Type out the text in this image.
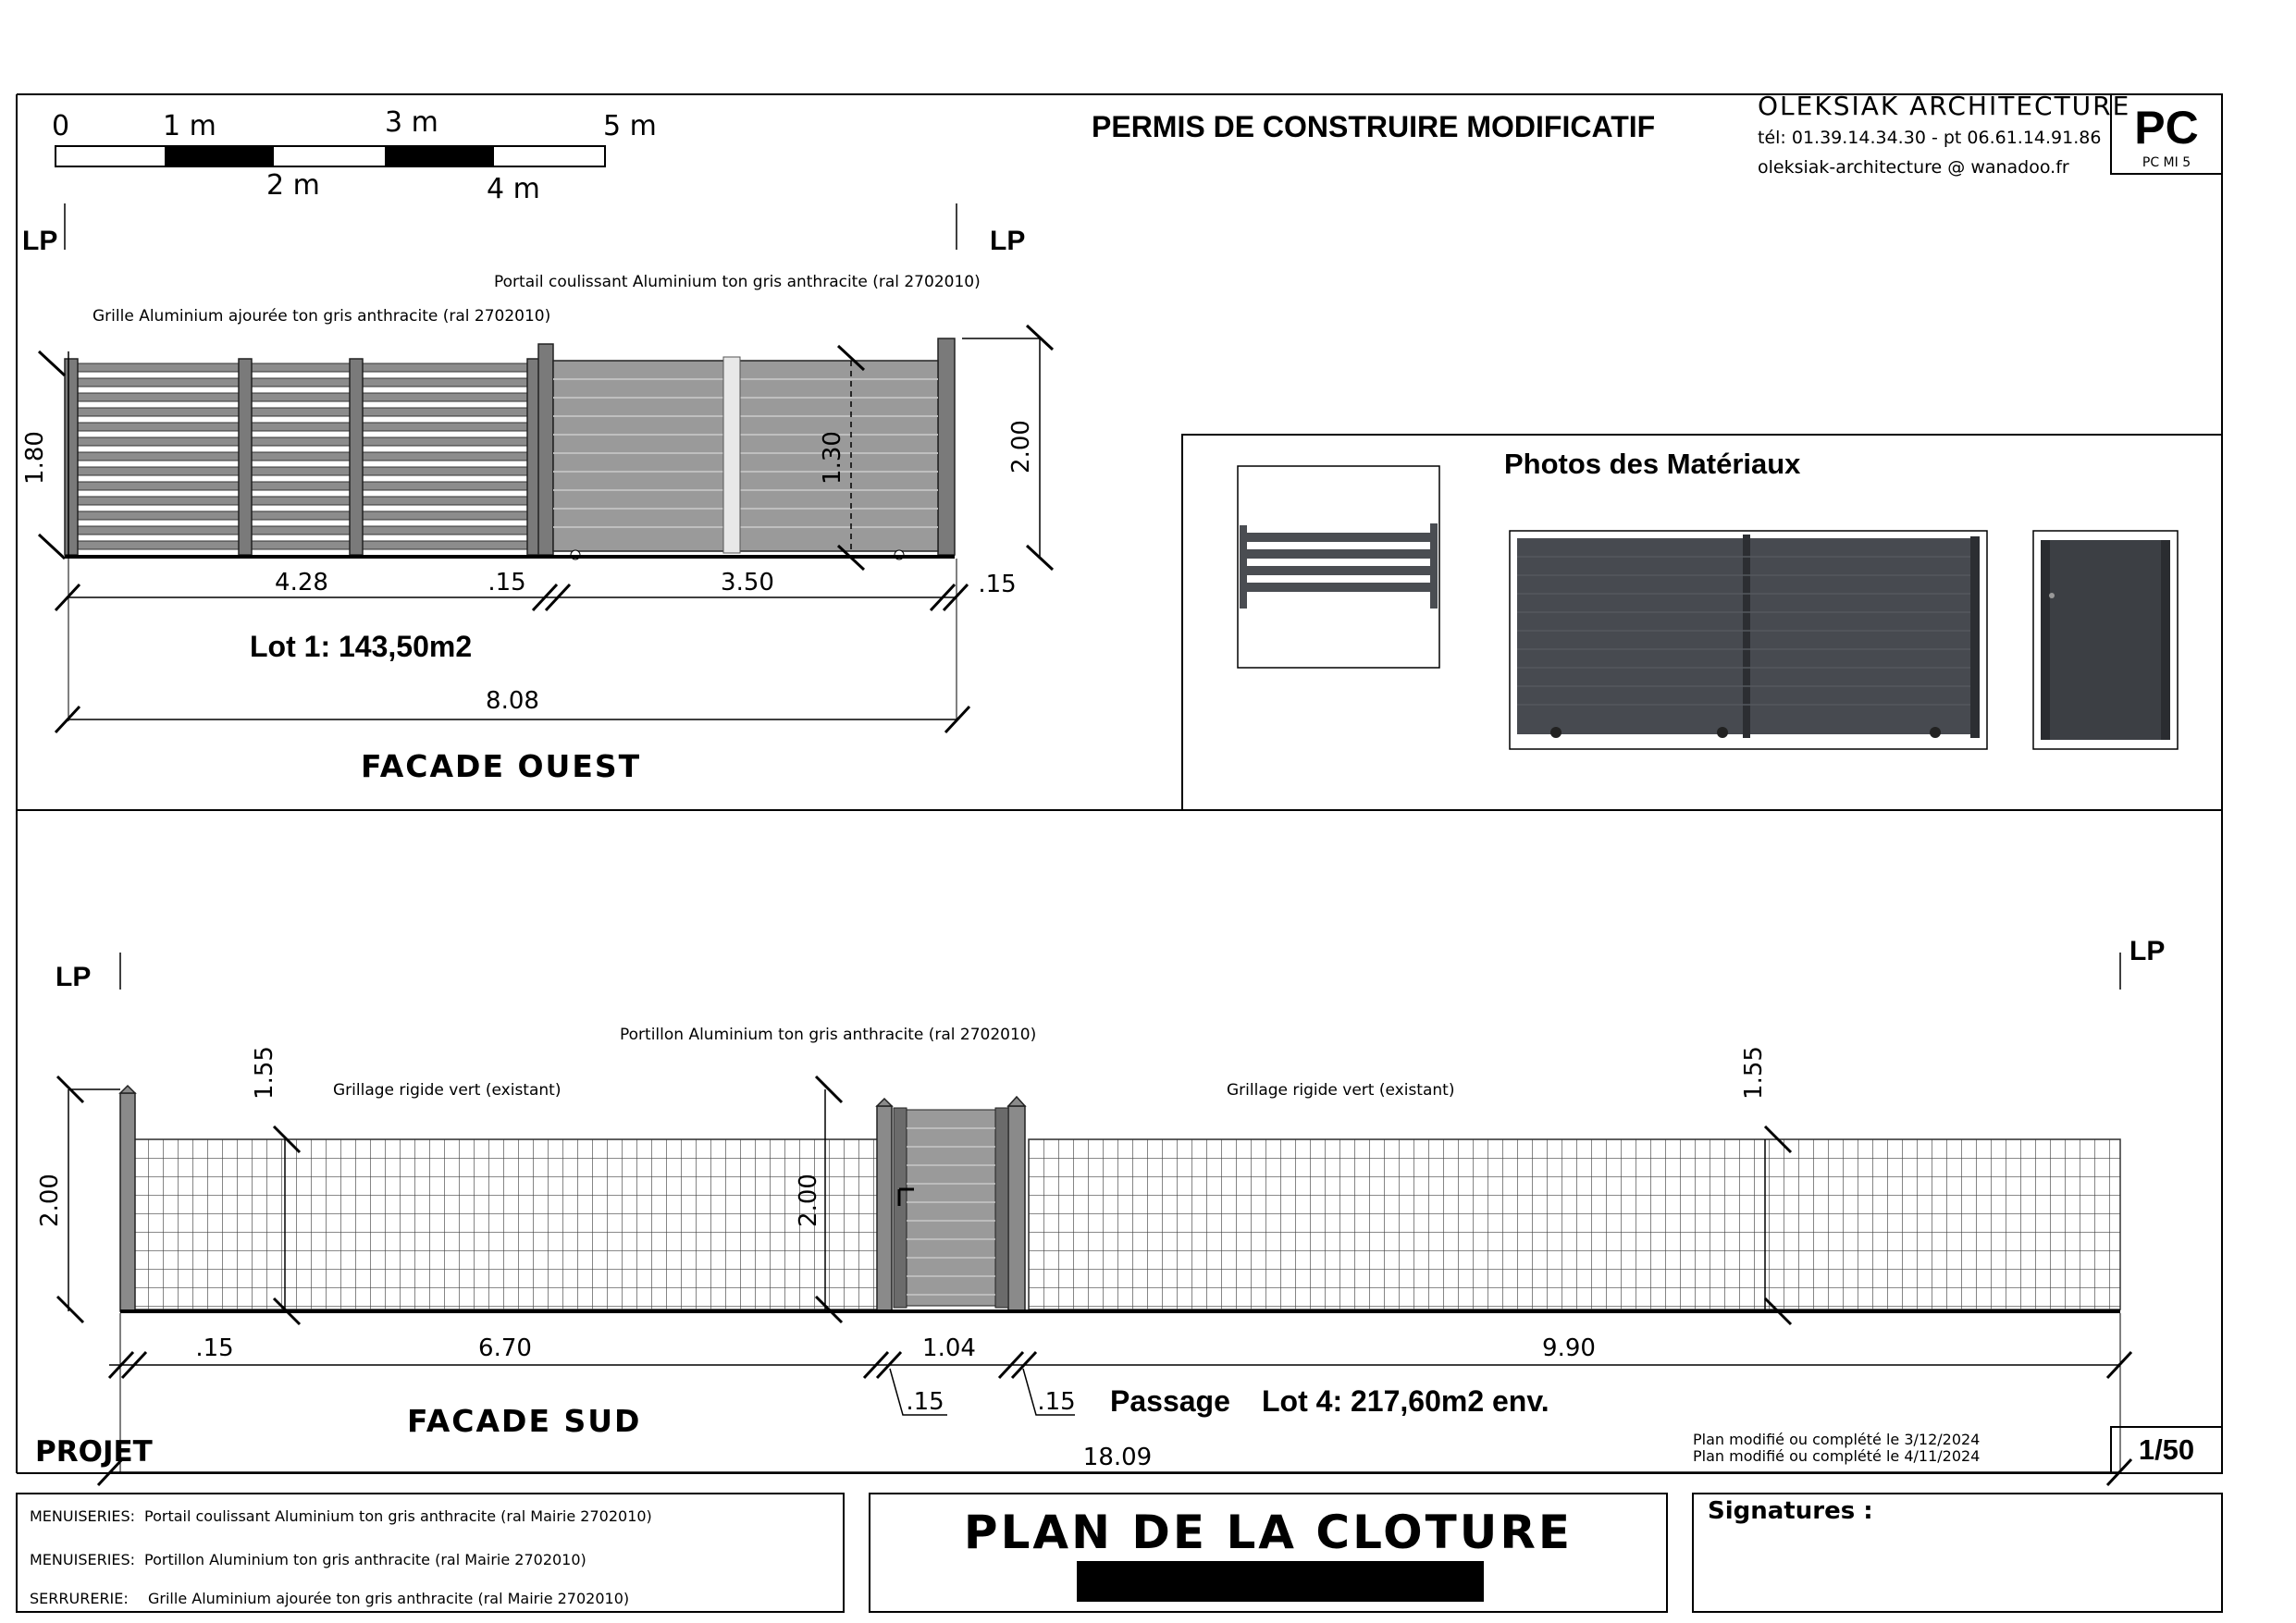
PERMIS DE CONSTRUIRE MODIFICATIF
OLEKSIAK ARCHITECTURE
tél: 01.39.14.34.30 - pt 06.61.14.91.86
oleksiak-architecture @ wanadoo.fr
PC
PC MI 5
0	1 m	3 m	5 m
2 m	4 m
LP	LP
Portail coulissant Aluminium ton gris anthracite (ral 2702010)
Grille Aluminium ajourée ton gris anthracite (ral 2702010)
1.80	1.30	2.00
4.28	.15	3.50	.15
Lot 1: 143,50m2
8.08
FACADE OUEST
Photos des Matériaux
LP
LP
Portillon Aluminium ton gris anthracite (ral 2702010)
Grillage rigide vert (existant)	Grillage rigide vert (existant)
2.00
1.55
2.00
1.55
.15	6.70	1.04	9.90
.15	.15 Passage Lot 4: 217,60m2 env.
FACADE SUD
18.09
PROJET	Plan modifié ou complété le 3/12/2024
Plan modifié ou complété le 4/11/2024	1/50
MENUISERIES: Portail coulissant Aluminium ton gris anthracite (ral Mairie 2702010)
MENUISERIES: Portillon Aluminium ton gris anthracite (ral Mairie 2702010)
SERRURERIE: Grille Aluminium ajourée ton gris anthracite (ral Mairie 2702010)
PLAN DE LA CLOTURE	Signatures :
